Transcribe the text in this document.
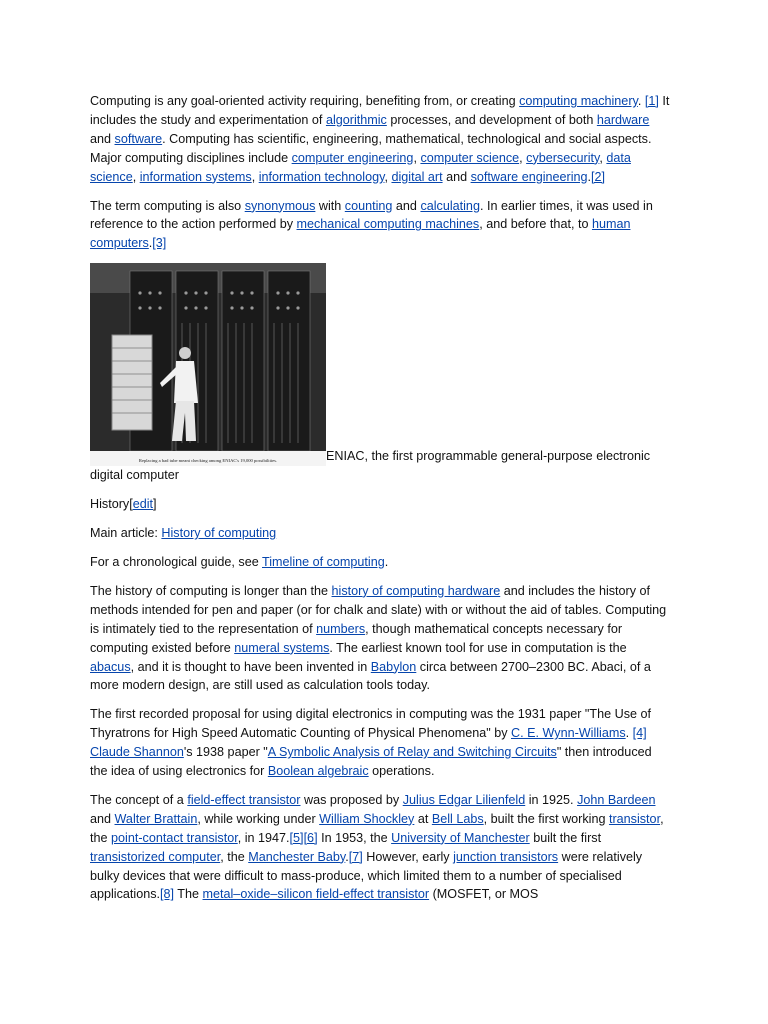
Computing is any goal-oriented activity requiring, benefiting from, or creating computing machinery. [1] It includes the study and experimentation of algorithmic processes, and development of both hardware and software. Computing has scientific, engineering, mathematical, technological and social aspects. Major computing disciplines include computer engineering, computer science, cybersecurity, data science, information systems, information technology, digital art and software engineering.[2]

The term computing is also synonymous with counting and calculating. In earlier times, it was used in reference to the action performed by mechanical computing machines, and before that, to human computers.[3]

Replacing a bad tube meant checking among ENIAC's 19,000 possibilities.	ENIAC, the first programmable general-purpose electronic digital computer

History[edit]

Main article: History of computing

For a chronological guide, see Timeline of computing.

The history of computing is longer than the history of computing hardware and includes the history of methods intended for pen and paper (or for chalk and slate) with or without the aid of tables. Computing is intimately tied to the representation of numbers, though mathematical concepts necessary for computing existed before numeral systems. The earliest known tool for use in computation is the abacus, and it is thought to have been invented in Babylon circa between 2700–2300 BC. Abaci, of a more modern design, are still used as calculation tools today.

The first recorded proposal for using digital electronics in computing was the 1931 paper "The Use of Thyratrons for High Speed Automatic Counting of Physical Phenomena" by C. E. Wynn-Williams. [4] Claude Shannon's 1938 paper "A Symbolic Analysis of Relay and Switching Circuits" then introduced the idea of using electronics for Boolean algebraic operations.

The concept of a field-effect transistor was proposed by Julius Edgar Lilienfeld in 1925. John Bardeen and Walter Brattain, while working under William Shockley at Bell Labs, built the first working transistor, the point-contact transistor, in 1947.[5][6] In 1953, the University of Manchester built the first transistorized computer, the Manchester Baby.[7] However, early junction transistors were relatively bulky devices that were difficult to mass-produce, which limited them to a number of specialised applications.[8] The metal–oxide–silicon field-effect transistor (MOSFET, or MOS
